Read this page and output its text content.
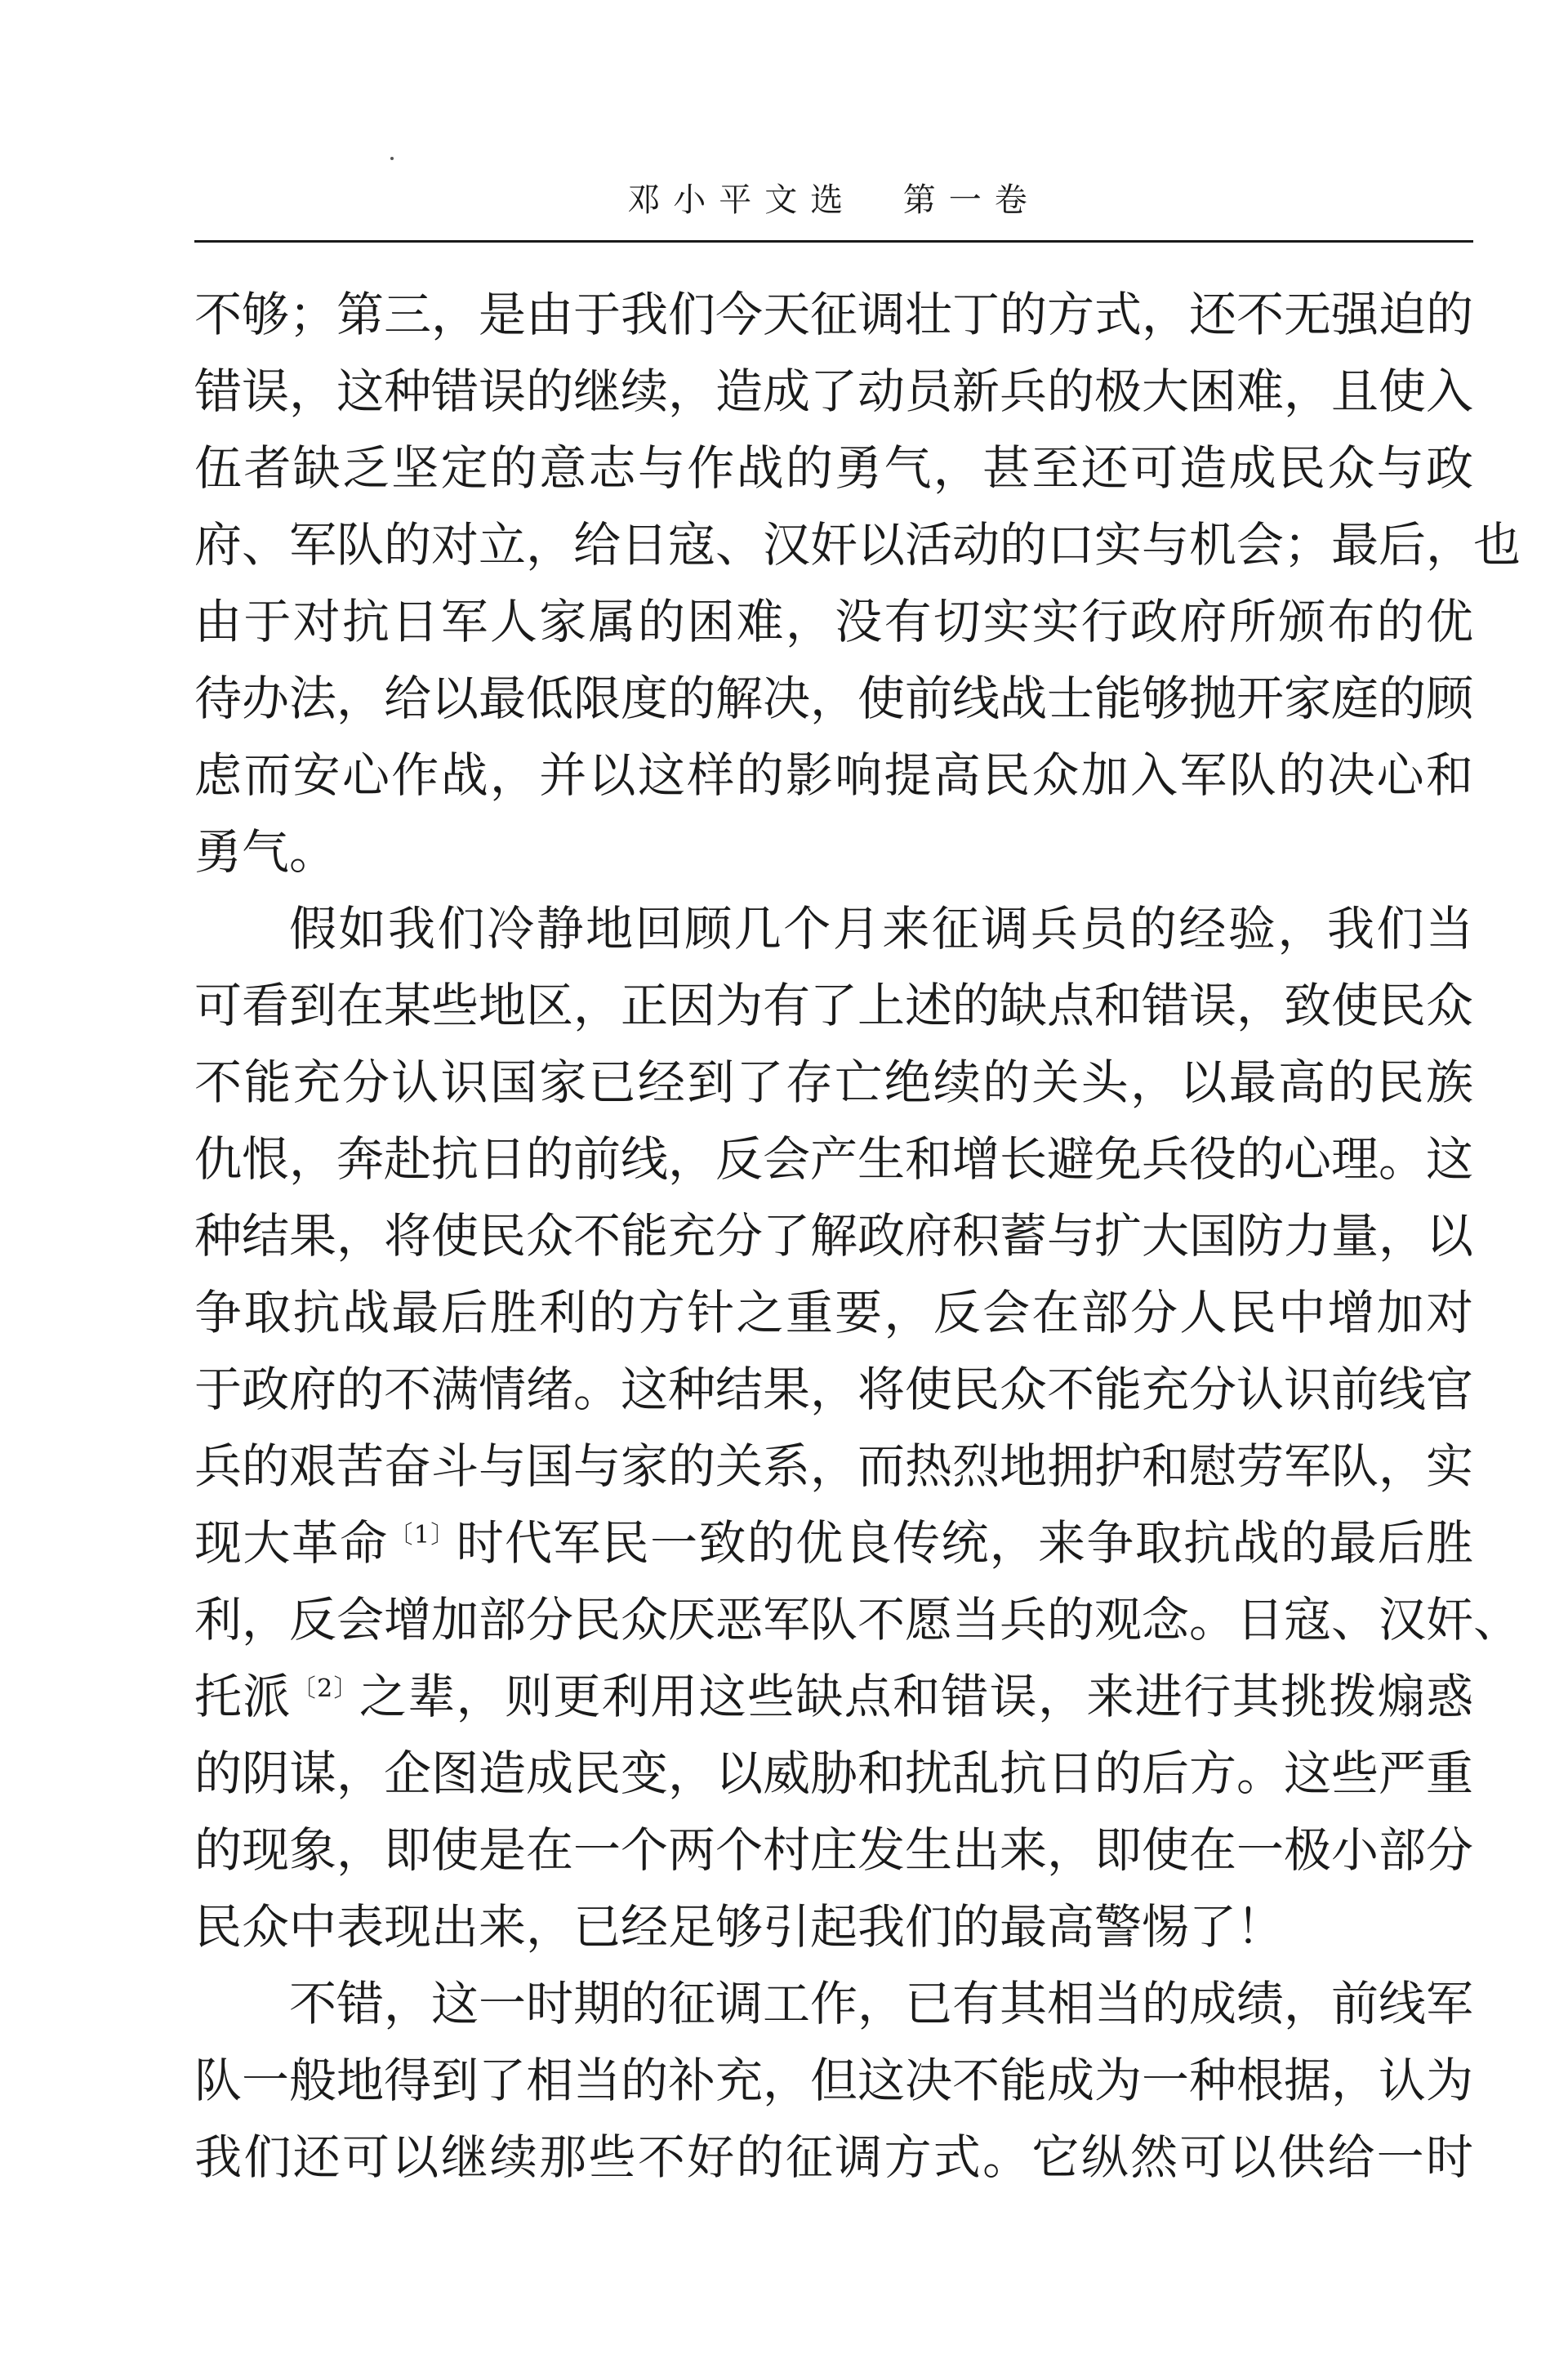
邓小平文选  第一卷
不够；第三，是由于我们今天征调壮丁的方式，还不无强迫的
错误，这种错误的继续，造成了动员新兵的极大困难，且使入
伍者缺乏坚定的意志与作战的勇气，甚至还可造成民众与政
府、军队的对立，给日寇、汉奸以活动的口实与机会；最后，也
由于对抗日军人家属的困难，没有切实实行政府所颁布的优
待办法，给以最低限度的解决，使前线战士能够抛开家庭的顾
虑而安心作战，并以这样的影响提高民众加入军队的决心和
勇气。
假如我们冷静地回顾几个月来征调兵员的经验，我们当
可看到在某些地区，正因为有了上述的缺点和错误，致使民众
不能充分认识国家已经到了存亡绝续的关头，以最高的民族
仇恨，奔赴抗日的前线，反会产生和增长避免兵役的心理。这
种结果，将使民众不能充分了解政府积蓄与扩大国防力量，以
争取抗战最后胜利的方针之重要，反会在部分人民中增加对
于政府的不满情绪。这种结果，将使民众不能充分认识前线官
兵的艰苦奋斗与国与家的关系，而热烈地拥护和慰劳军队，实
现大革命$^{〔1〕}$时代军民一致的优良传统，来争取抗战的最后胜
利，反会增加部分民众厌恶军队不愿当兵的观念。日寇、汉奸、
托派$^{〔2〕}$之辈，则更利用这些缺点和错误，来进行其挑拨煽惑
的阴谋，企图造成民变，以威胁和扰乱抗日的后方。这些严重
的现象，即使是在一个两个村庄发生出来，即使在一极小部分
民众中表现出来，已经足够引起我们的最高警惕了！
不错，这一时期的征调工作，已有其相当的成绩，前线军
队一般地得到了相当的补充，但这决不能成为一种根据，认为
我们还可以继续那些不好的征调方式。它纵然可以供给一时
